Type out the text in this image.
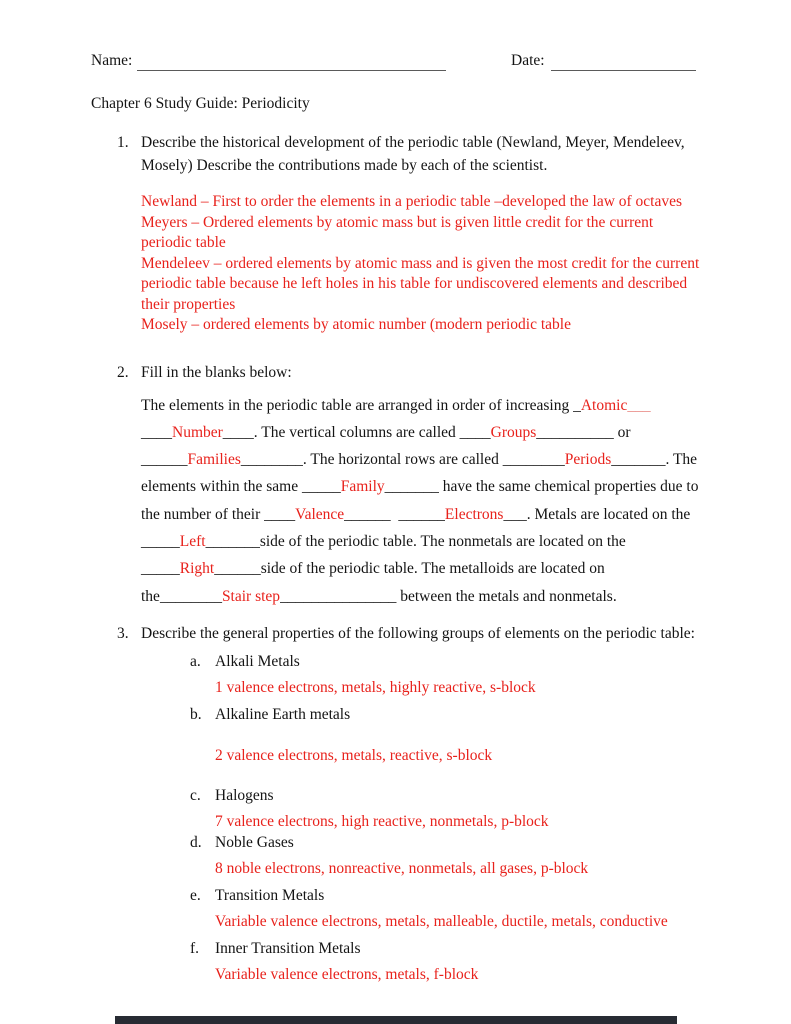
Name:	Date:
Chapter 6 Study Guide: Periodicity
1. Describe the historical development of the periodic table (Newland, Meyer, Mendeleev, Mosely) Describe the contributions made by each of the scientist.
Newland – First to order the elements in a periodic table –developed the law of octaves
Meyers – Ordered elements by atomic mass but is given little credit for the current periodic table
Mendeleev – ordered elements by atomic mass and is given the most credit for the current periodic table because he left holes in his table for undiscovered elements and described their properties
Mosely – ordered elements by atomic number (modern periodic table
2. Fill in the blanks below:
The elements in the periodic table are arranged in order of increasing _Atomic___
____Number____. The vertical columns are called ____Groups__________ or
______Families________. The horizontal rows are called ________Periods_______. The
elements within the same _____Family_______ have the same chemical properties due to
the number of their ____Valence______ ______Electrons___. Metals are located on the
_____Left_______side of the periodic table. The nonmetals are located on the
_____Right______side of the periodic table. The metalloids are located on
the________Stair step_______________ between the metals and nonmetals.
3. Describe the general properties of the following groups of elements on the periodic table:
a. Alkali Metals
1 valence electrons, metals, highly reactive, s-block
b. Alkaline Earth metals
2 valence electrons, metals, reactive, s-block
c. Halogens
7 valence electrons, high reactive, nonmetals, p-block
d. Noble Gases
8 noble electrons, nonreactive, nonmetals, all gases, p-block
e. Transition Metals
Variable valence electrons, metals, malleable, ductile, metals, conductive
f.	Inner Transition Metals
Variable valence electrons, metals, f-block
